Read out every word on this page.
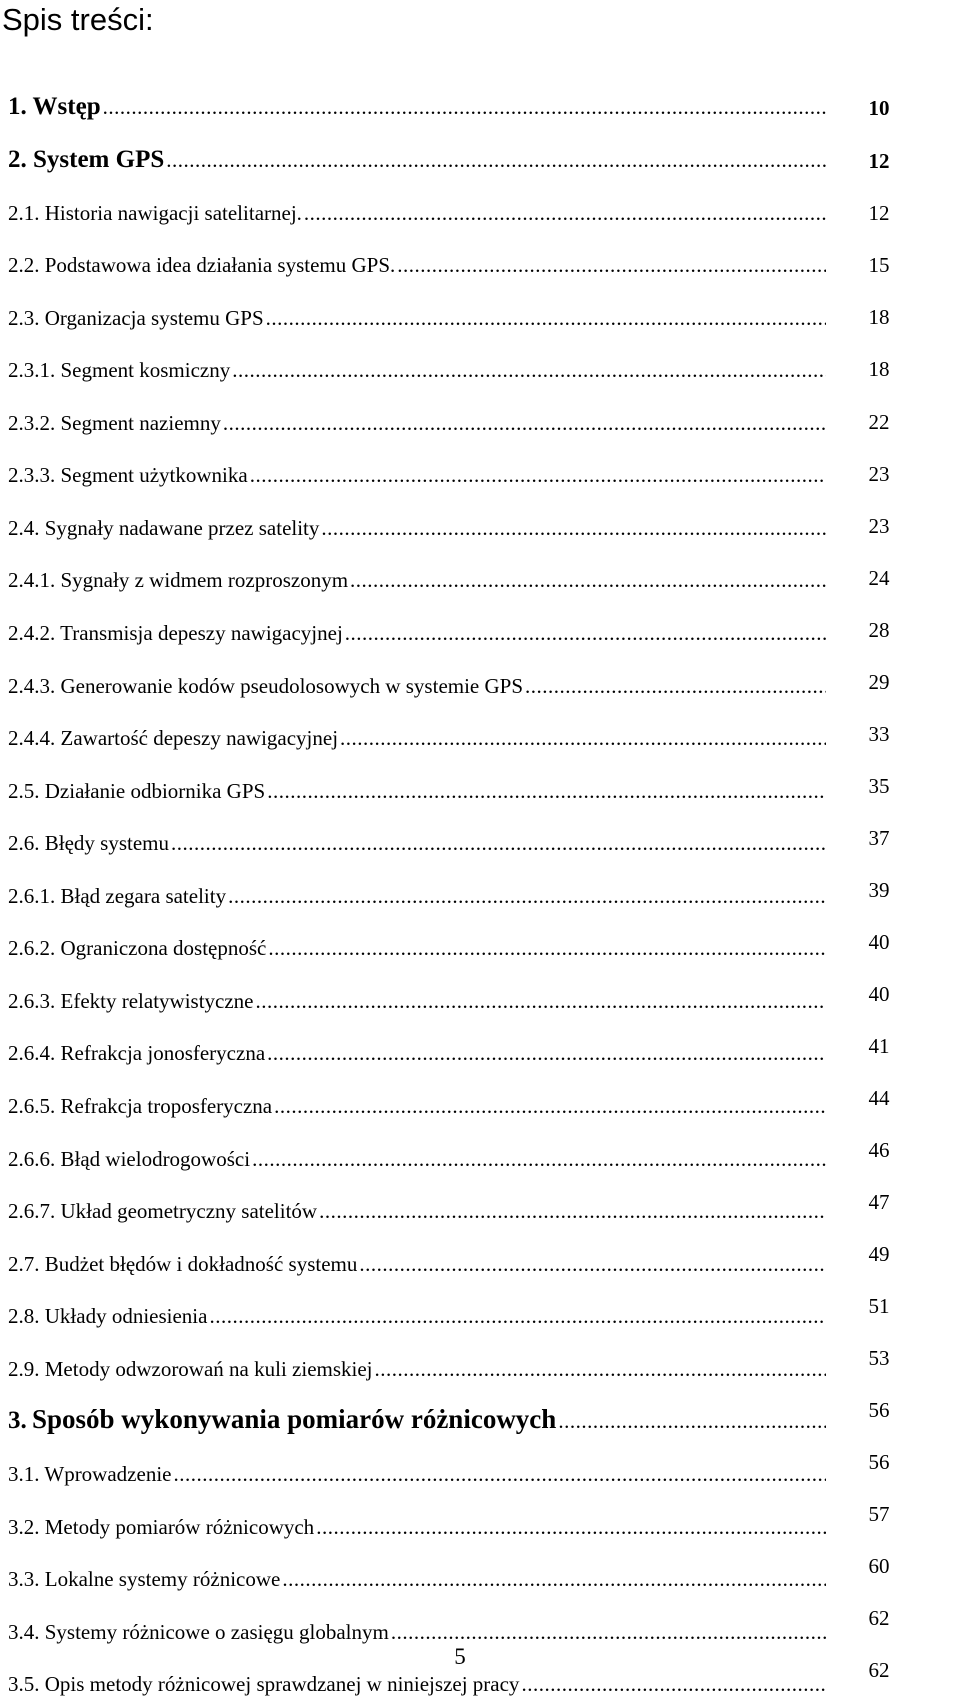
Spis treści:
1. Wstęp
.....
2. System GPS
.....
2.1. Historia nawigacji satelitarnej.
.....
2.2. Podstawowa idea działania systemu GPS.
.....
2.3. Organizacja systemu GPS
.....
2.3.1. Segment kosmiczny
.....
2.3.2. Segment naziemny
.....
2.3.3. Segment użytkownika
.....
2.4. Sygnały nadawane przez satelity
.....
2.4.1. Sygnały z widmem rozproszonym
.....
2.4.2. Transmisja depeszy nawigacyjnej
.....
2.4.3. Generowanie kodów pseudolosowych w systemie GPS
.....
2.4.4. Zawartość depeszy nawigacyjnej
.....
2.5. Działanie odbiornika GPS
.....
2.6. Błędy systemu
.....
2.6.1. Błąd zegara satelity
.....
2.6.2. Ograniczona dostępność
.....
2.6.3. Efekty relatywistyczne
.....
2.6.4. Refrakcja jonosferyczna
.....
2.6.5. Refrakcja troposferyczna
.....
2.6.6. Błąd wielodrogowości
.....
2.6.7. Układ geometryczny satelitów
.....
2.7. Budżet błędów i dokładność systemu
.....
2.8. Układy odniesienia
.....
2.9. Metody odwzorowań na kuli ziemskiej
.....
3. Sposób wykonywania pomiarów różnicowych
.....
3.1. Wprowadzenie
.....
3.2. Metody pomiarów różnicowych
.....
3.3. Lokalne systemy różnicowe
.....
3.4. Systemy różnicowe o zasięgu globalnym
.....
3.5. Opis metody różnicowej sprawdzanej w niniejszej pracy
.....
10
12
12
15
18
18
22
23
23
24
28
29
33
35
37
39
40
40
41
44
46
47
49
51
53
56
56
57
60
62
62
5
